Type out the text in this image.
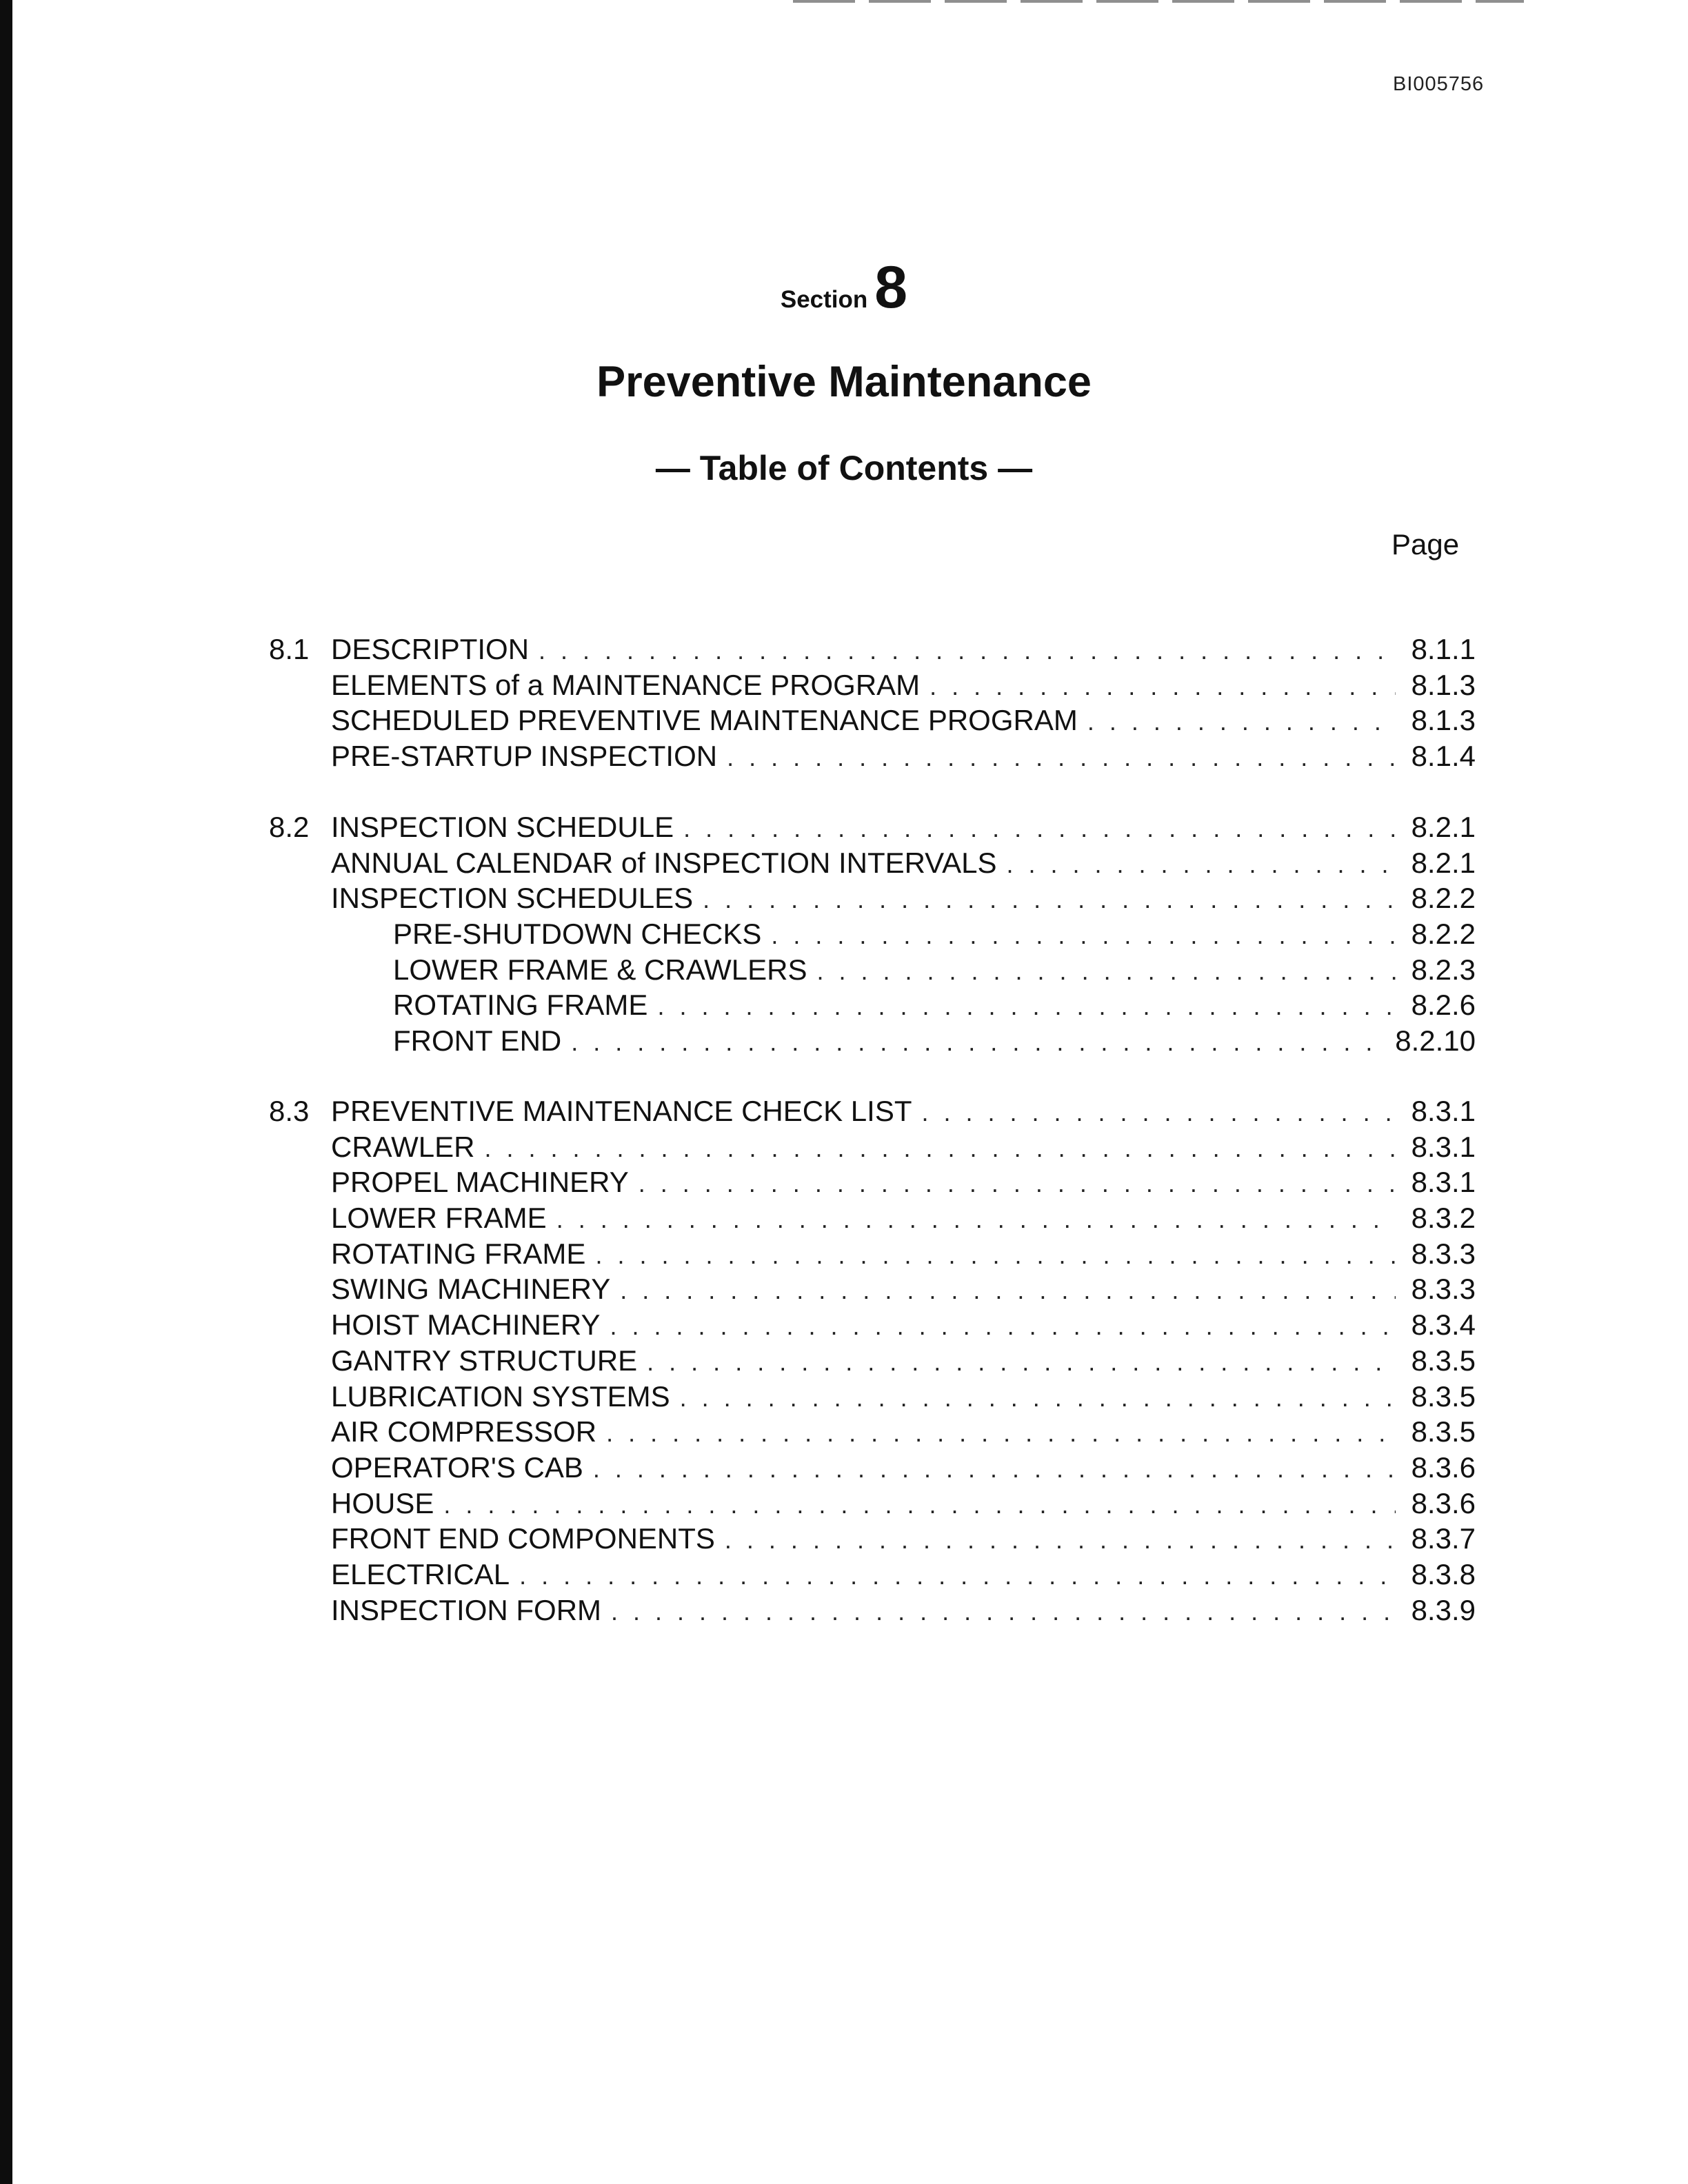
BI005756
Section 8
Preventive Maintenance
— Table of Contents —
Page
8.1 DESCRIPTION . . .	8.1.1
ELEMENTS of a MAINTENANCE PROGRAM . . .	8.1.3
SCHEDULED PREVENTIVE MAINTENANCE PROGRAM . . .	8.1.3
PRE-STARTUP INSPECTION . . .	8.1.4
8.2 INSPECTION SCHEDULE . . .	8.2.1
ANNUAL CALENDAR of INSPECTION INTERVALS . . .	8.2.1
INSPECTION SCHEDULES . . .	8.2.2
PRE-SHUTDOWN CHECKS . . .	8.2.2
LOWER FRAME & CRAWLERS . . .	8.2.3
ROTATING FRAME . . .	8.2.6
FRONT END . . .	8.2.10
8.3 PREVENTIVE MAINTENANCE CHECK LIST . . .	8.3.1
CRAWLER . . .	8.3.1
PROPEL MACHINERY . . .	8.3.1
LOWER FRAME . . .	8.3.2
ROTATING FRAME . . .	8.3.3
SWING MACHINERY . . .	8.3.3
HOIST MACHINERY . . .	8.3.4
GANTRY STRUCTURE . . .	8.3.5
LUBRICATION SYSTEMS . . .	8.3.5
AIR COMPRESSOR . . .	8.3.5
OPERATOR'S CAB . . .	8.3.6
HOUSE . . .	8.3.6
FRONT END COMPONENTS . . .	8.3.7
ELECTRICAL . . .	8.3.8
INSPECTION FORM . . .	8.3.9
